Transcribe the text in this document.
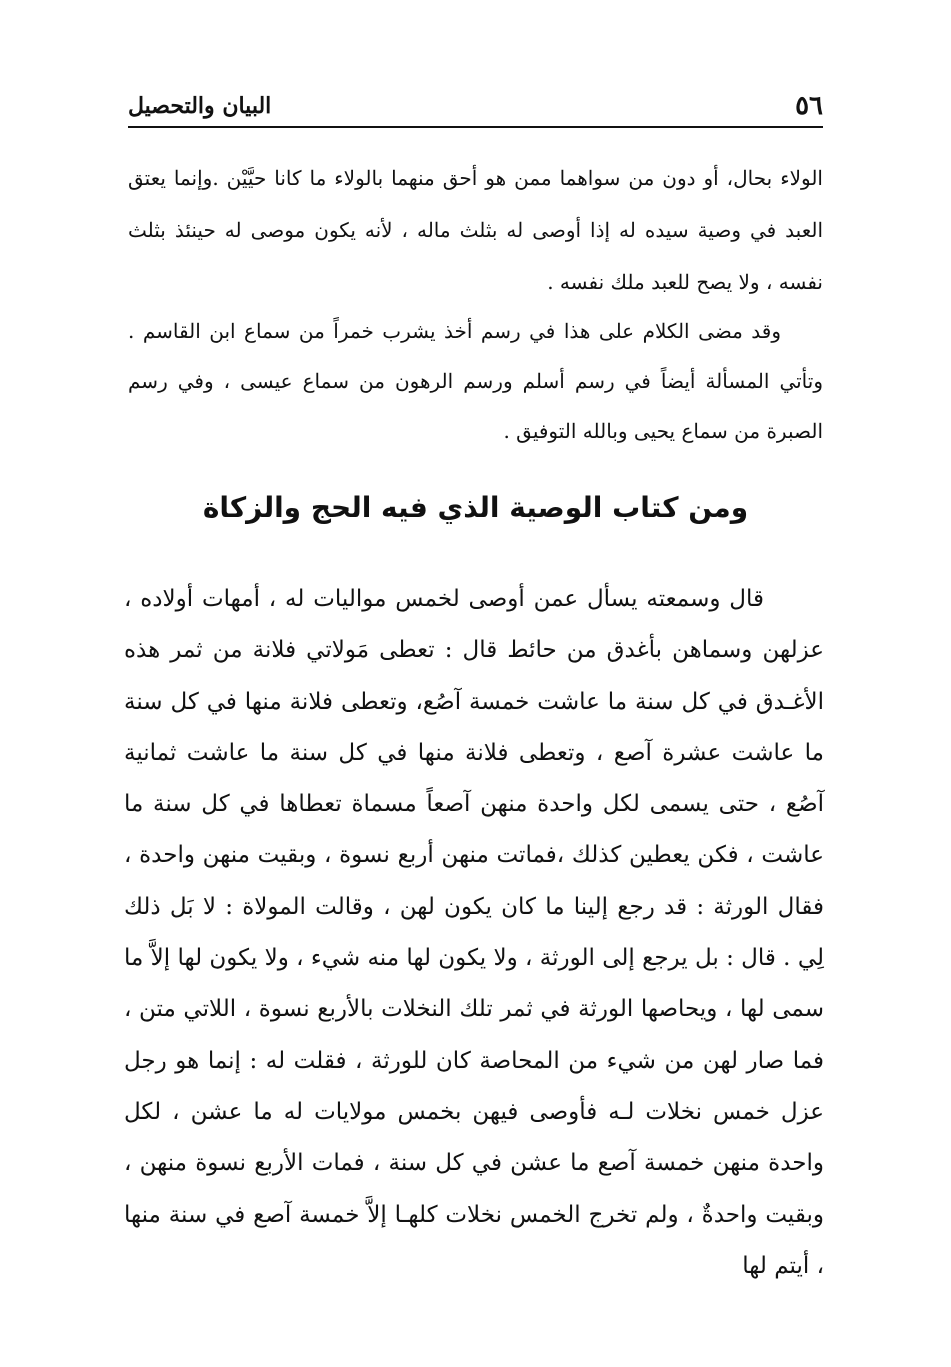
٥٦
البيان والتحصيل

الولاء بحال، أو دون من سواهما ممن هو أحق منهما بالولاء ما كانا حيَّيْن .وإنما يعتق العبد في وصية سيده له إذا أوصى له بثلث ماله ، لأنه يكون موصى له حينئذ بثلث نفسه ، ولا يصح للعبد ملك نفسه .

وقد مضى الكلام على هذا في رسم أخذ يشرب خمراً من سماع ابن القاسم . وتأتي المسألة أيضاً في رسم أسلم ورسم الرهون من سماع عيسى ، وفي رسم الصبرة من سماع يحيى وبالله التوفيق .

ومن كتاب الوصية الذي فيه الحج والزكاة

قال وسمعته يسأل عمن أوصى لخمس مواليات له ، أمهات أولاده ، عزلهن وسماهن بأغدق من حائط قال : تعطى مَولاتي فلانة من ثمر هذه الأغـدق في كل سنة ما عاشت خمسة آصُع، وتعطى فلانة منها في كل سنة ما عاشت عشرة آصع ، وتعطى فلانة منها في كل سنة ما عاشت ثمانية آصُع ، حتى يسمى لكل واحدة منهن آصعاً مسماة تعطاها في كل سنة ما عاشت ، فكن يعطين كذلك ،فماتت منهن أربع نسوة ، وبقيت منهن واحدة ، فقال الورثة : قد رجع إلينا ما كان يكون لهن ، وقالت المولاة : لا بَل ذلك لِي . قال : بل يرجع إلى الورثة ، ولا يكون لها منه شيء ، ولا يكون لها إلاَّ ما سمى لها ، ويحاصها الورثة في ثمر تلك النخلات بالأربع نسوة ، اللاتي متن ، فما صار لهن من شيء من المحاصة كان للورثة ، فقلت له : إنما هو رجل عزل خمس نخلات لـه فأوصى فيهن بخمس مولايات له ما عشن ، لكل واحدة منهن خمسة آصع ما عشن في كل سنة ، فمات الأربع نسوة منهن ، وبقيت واحدةٌ ، ولم تخرج الخمس نخلات كلهـا إلاَّ خمسة آصع في سنة منها ، أيتم لها
